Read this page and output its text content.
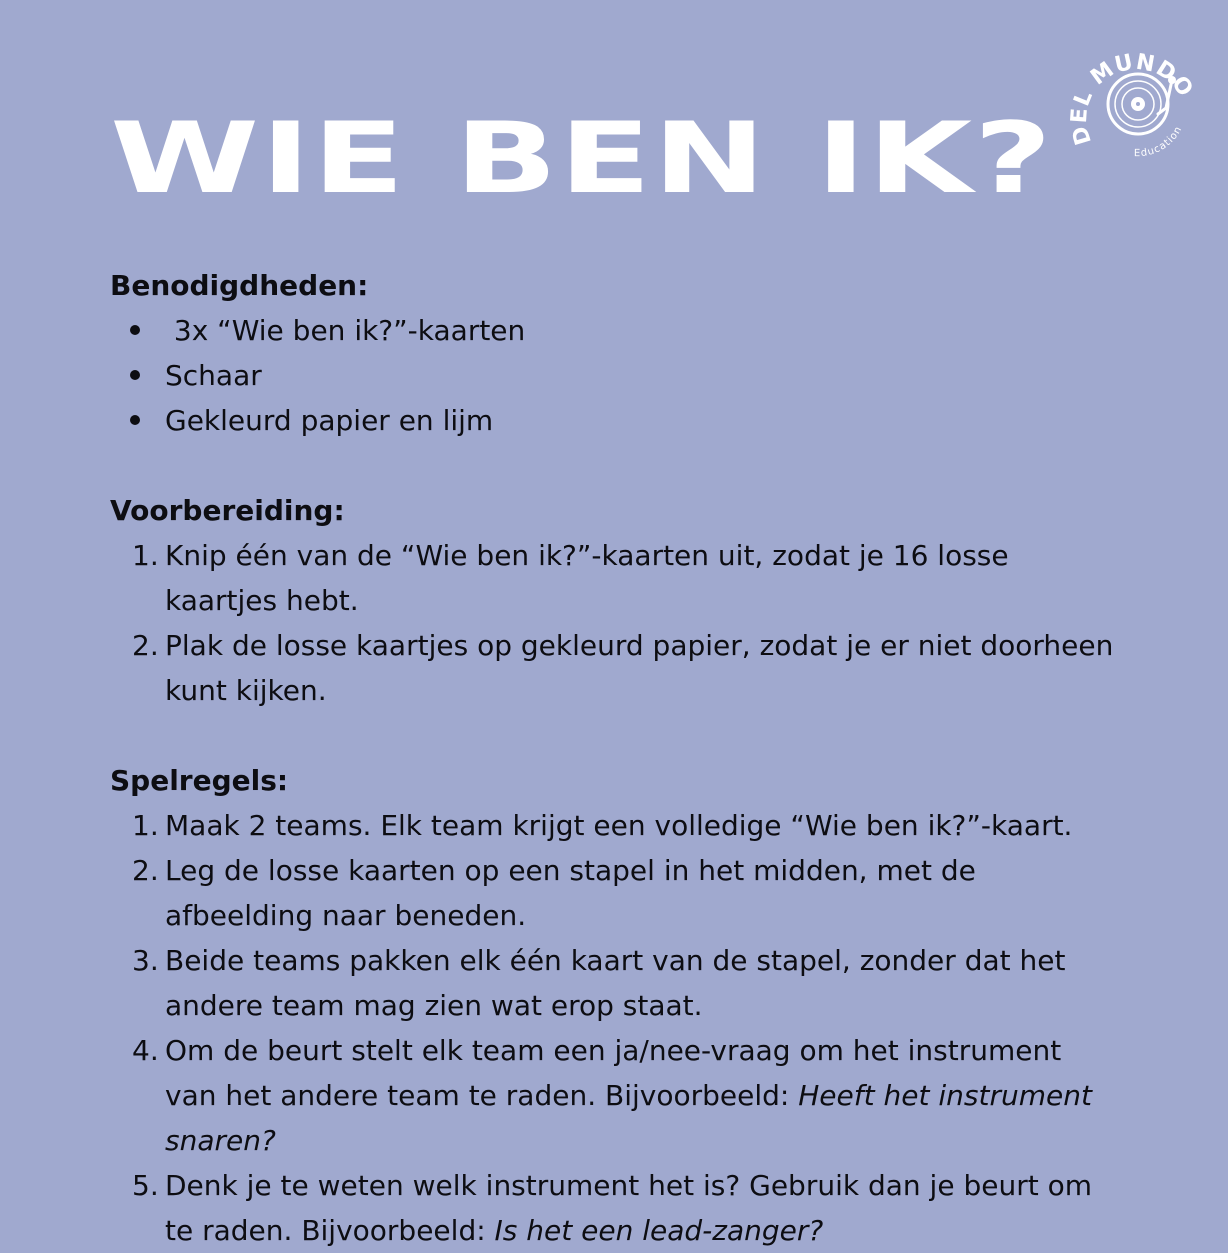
DEL MUNDO
Education
WIE BEN IK?

Benodigdheden:

3x “Wie ben ik?”-kaarten
Schaar
Gekleurd papier en lijm

Voorbereiding:

1. Knip één van de “Wie ben ik?”-kaarten uit, zodat je 16 losse
kaartjes hebt.
2. Plak de losse kaartjes op gekleurd papier, zodat je er niet doorheen
kunt kijken.

Spelregels:

1. Maak 2 teams. Elk team krijgt een volledige “Wie ben ik?”-kaart.
2. Leg de losse kaarten op een stapel in het midden, met de
afbeelding naar beneden.
3. Beide teams pakken elk één kaart van de stapel, zonder dat het
andere team mag zien wat erop staat.
4. Om de beurt stelt elk team een ja/nee-vraag om het instrument
van het andere team te raden. Bijvoorbeeld: Heeft het instrument
snaren?
5. Denk je te weten welk instrument het is? Gebruik dan je beurt om
te raden. Bijvoorbeeld: Is het een lead-zanger?
